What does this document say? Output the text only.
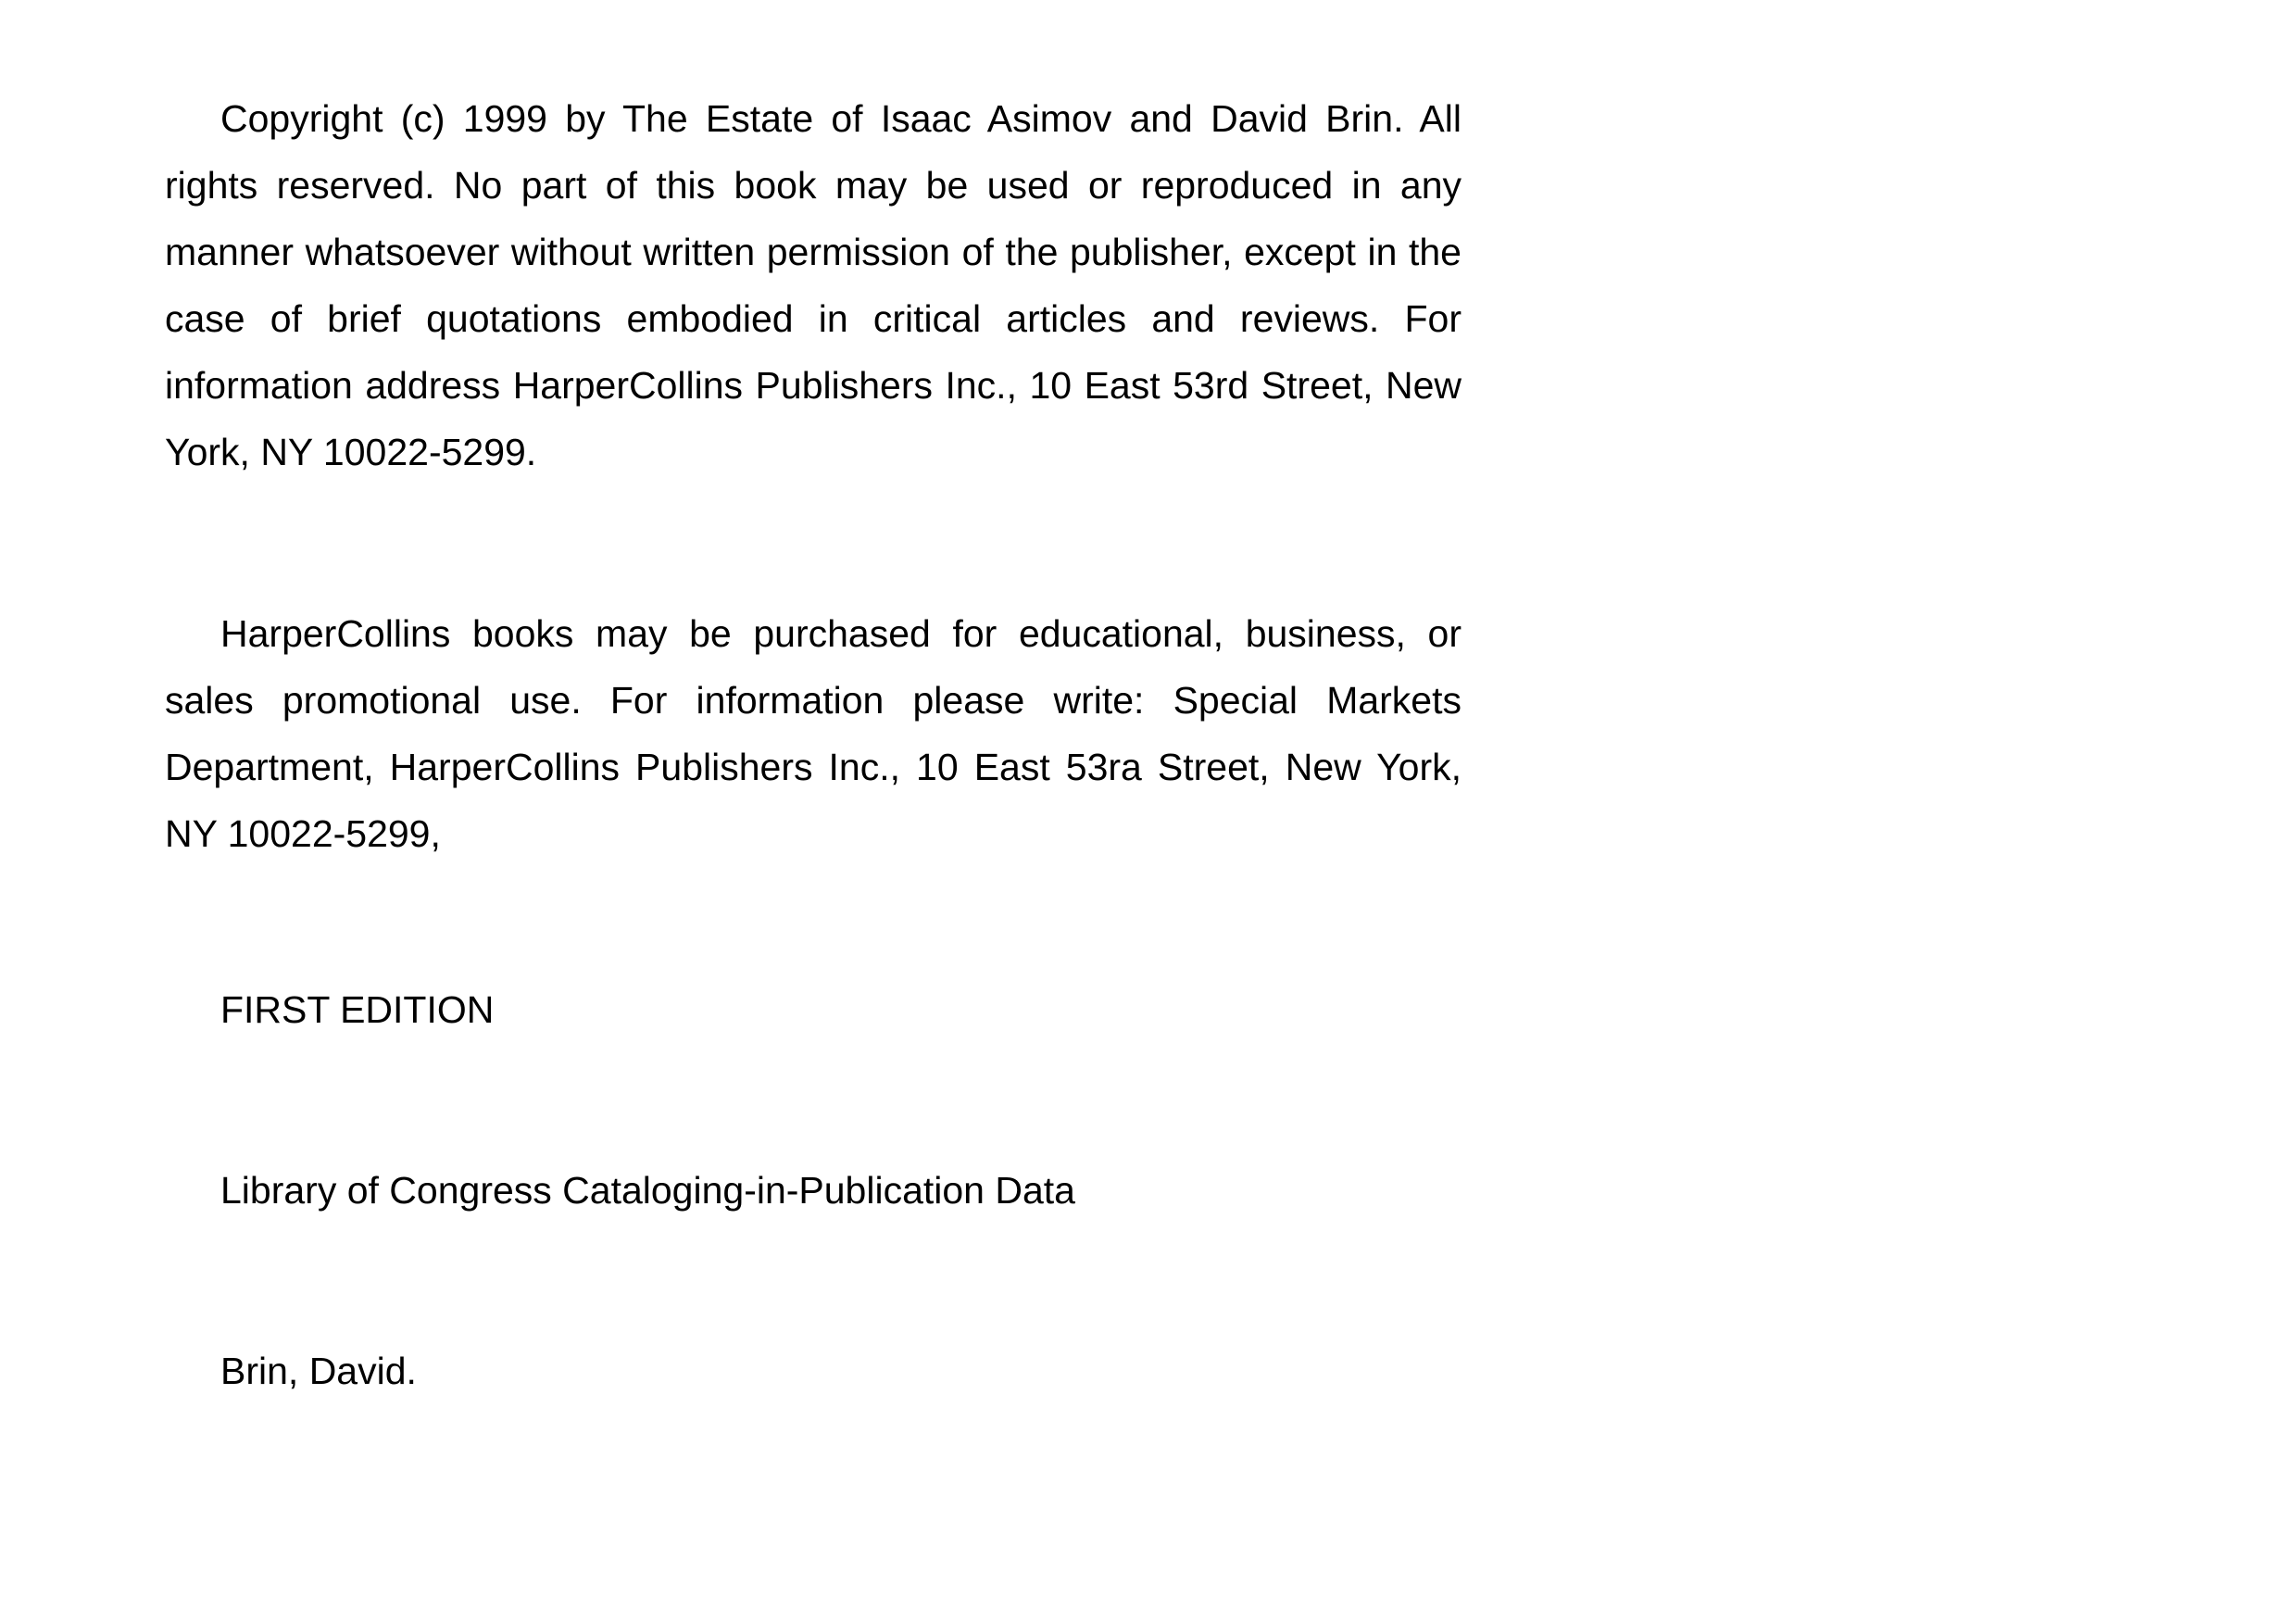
Copyright (c) 1999 by The Estate of Isaac Asimov and David Brin. All rights reserved. No part of this book may be used or reproduced in any manner whatsoever without written permission of the publisher, except in the case of brief quotations embodied in critical articles and reviews. For information address HarperCollins Publishers Inc., 10 East 53rd Street, New York, NY 10022-5299.

HarperCollins books may be purchased for educational, business, or sales promotional use. For information please write: Special Markets Department, HarperCollins Publishers Inc., 10 East 53ra Street, New York, NY 10022-5299,

FIRST EDITION
Library of Congress Cataloging-in-Publication Data
Brin, David.
